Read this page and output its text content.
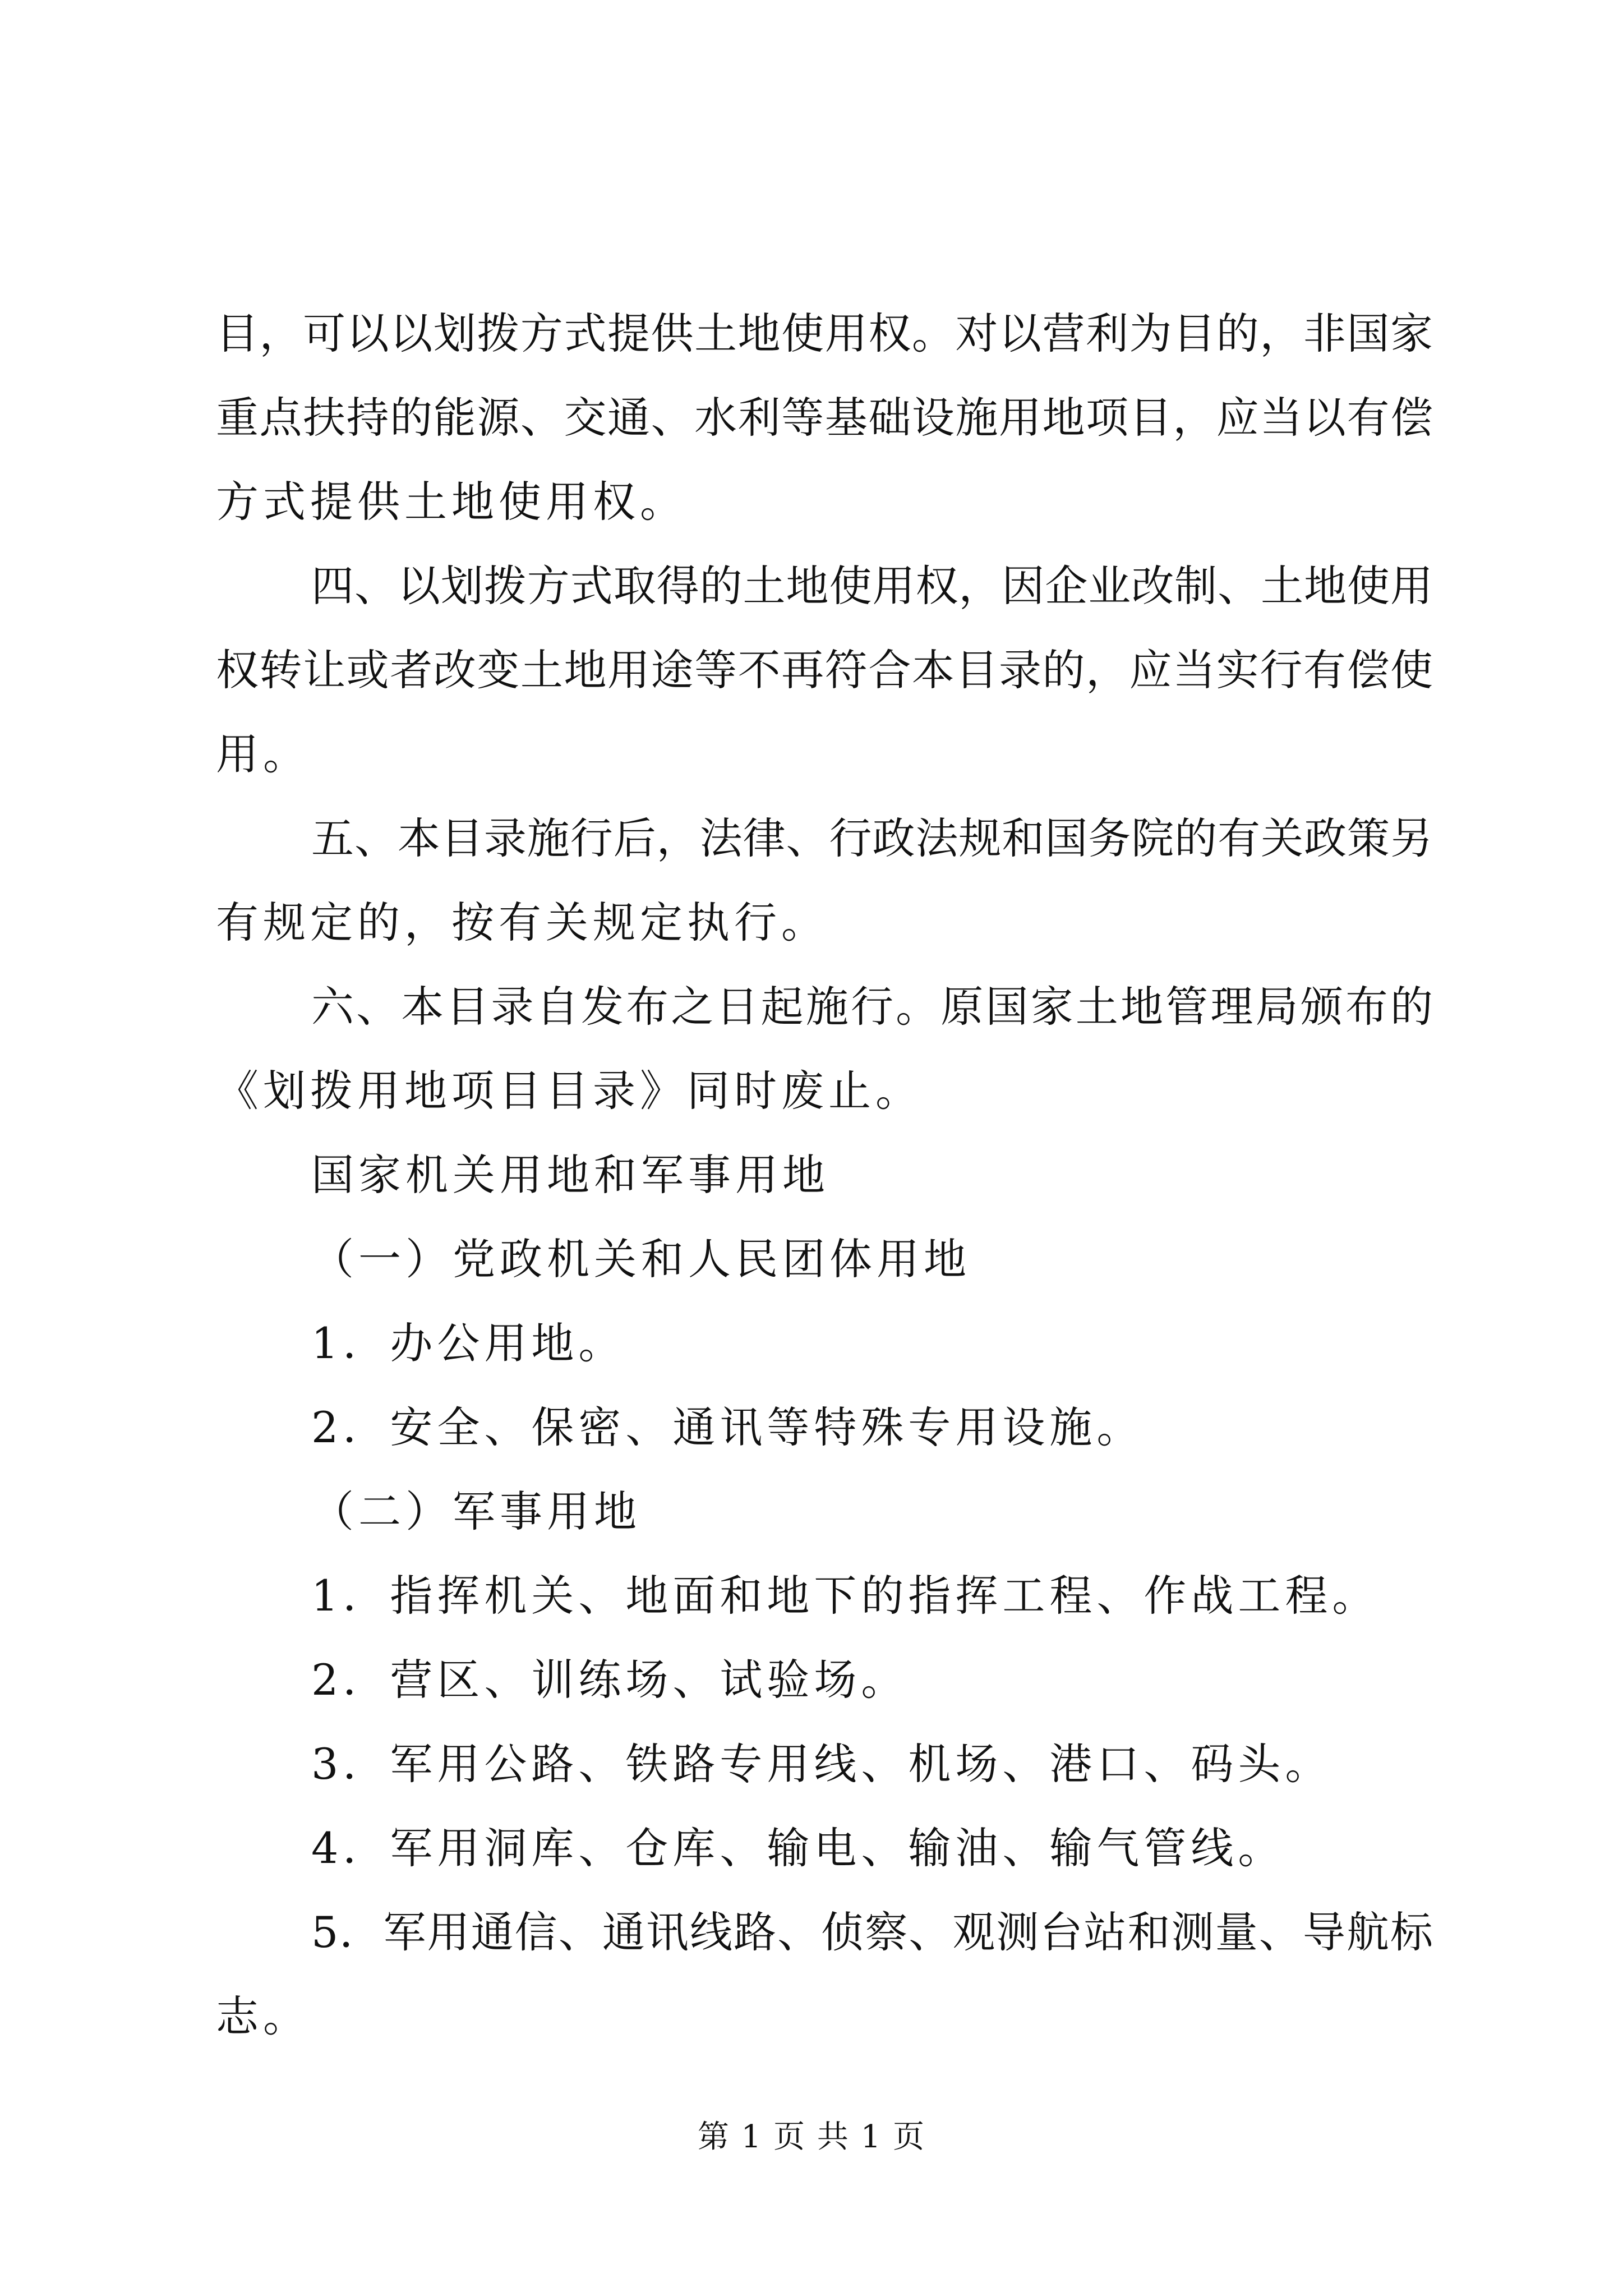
目，可以以划拨方式提供土地使用权。对以营利为目的，非国家
重点扶持的能源、交通、水利等基础设施用地项目，应当以有偿
方式提供土地使用权。
四、以划拨方式取得的土地使用权，因企业改制、土地使用
权转让或者改变土地用途等不再符合本目录的，应当实行有偿使
用。
五、本目录施行后，法律、行政法规和国务院的有关政策另
有规定的，按有关规定执行。
六、本目录自发布之日起施行。原国家土地管理局颁布的
《划拨用地项目目录》同时废止。
国家机关用地和军事用地
（一）党政机关和人民团体用地
1．办公用地。
2．安全、保密、通讯等特殊专用设施。
（二）军事用地
1．指挥机关、地面和地下的指挥工程、作战工程。
2．营区、训练场、试验场。
3．军用公路、铁路专用线、机场、港口、码头。
4．军用洞库、仓库、输电、输油、输气管线。
5．军用通信、通讯线路、侦察、观测台站和测量、导航标
志。
第 1 页 共 1 页
